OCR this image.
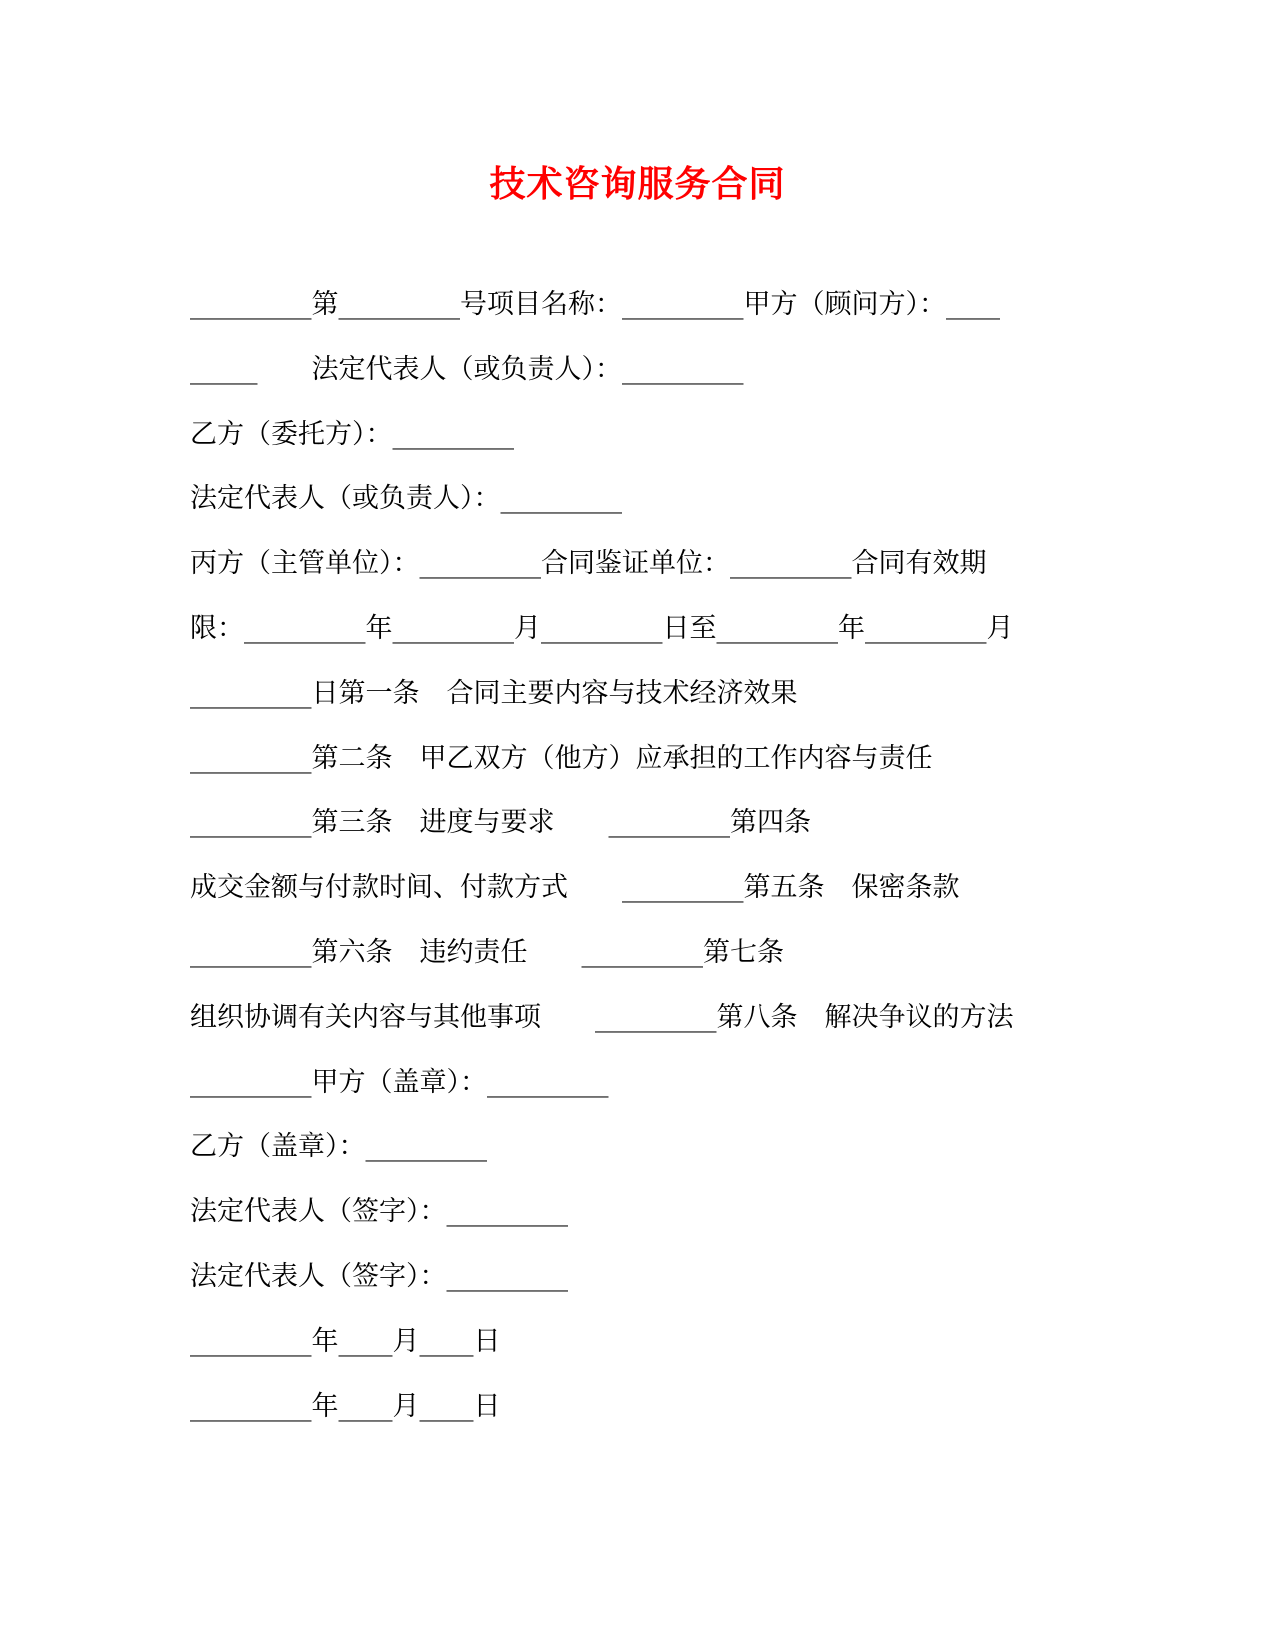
技术咨询服务合同
_________第_________号项目名称：_________甲方（顾问方）：____
_____　　法定代表人（或负责人）：_________
乙方（委托方）：_________
法定代表人（或负责人）：_________
丙方（主管单位）：_________合同鉴证单位：_________合同有效期
限：_________年_________月_________日至_________年_________月
_________日第一条　合同主要内容与技术经济效果
_________第二条　甲乙双方（他方）应承担的工作内容与责任
_________第三条　进度与要求　　_________第四条
成交金额与付款时间、付款方式　　_________第五条　保密条款
_________第六条　违约责任　　_________第七条
组织协调有关内容与其他事项　　_________第八条　解决争议的方法
_________甲方（盖章）：_________
乙方（盖章）：_________
法定代表人（签字）：_________
法定代表人（签字）：_________
_________年____月____日
_________年____月____日
